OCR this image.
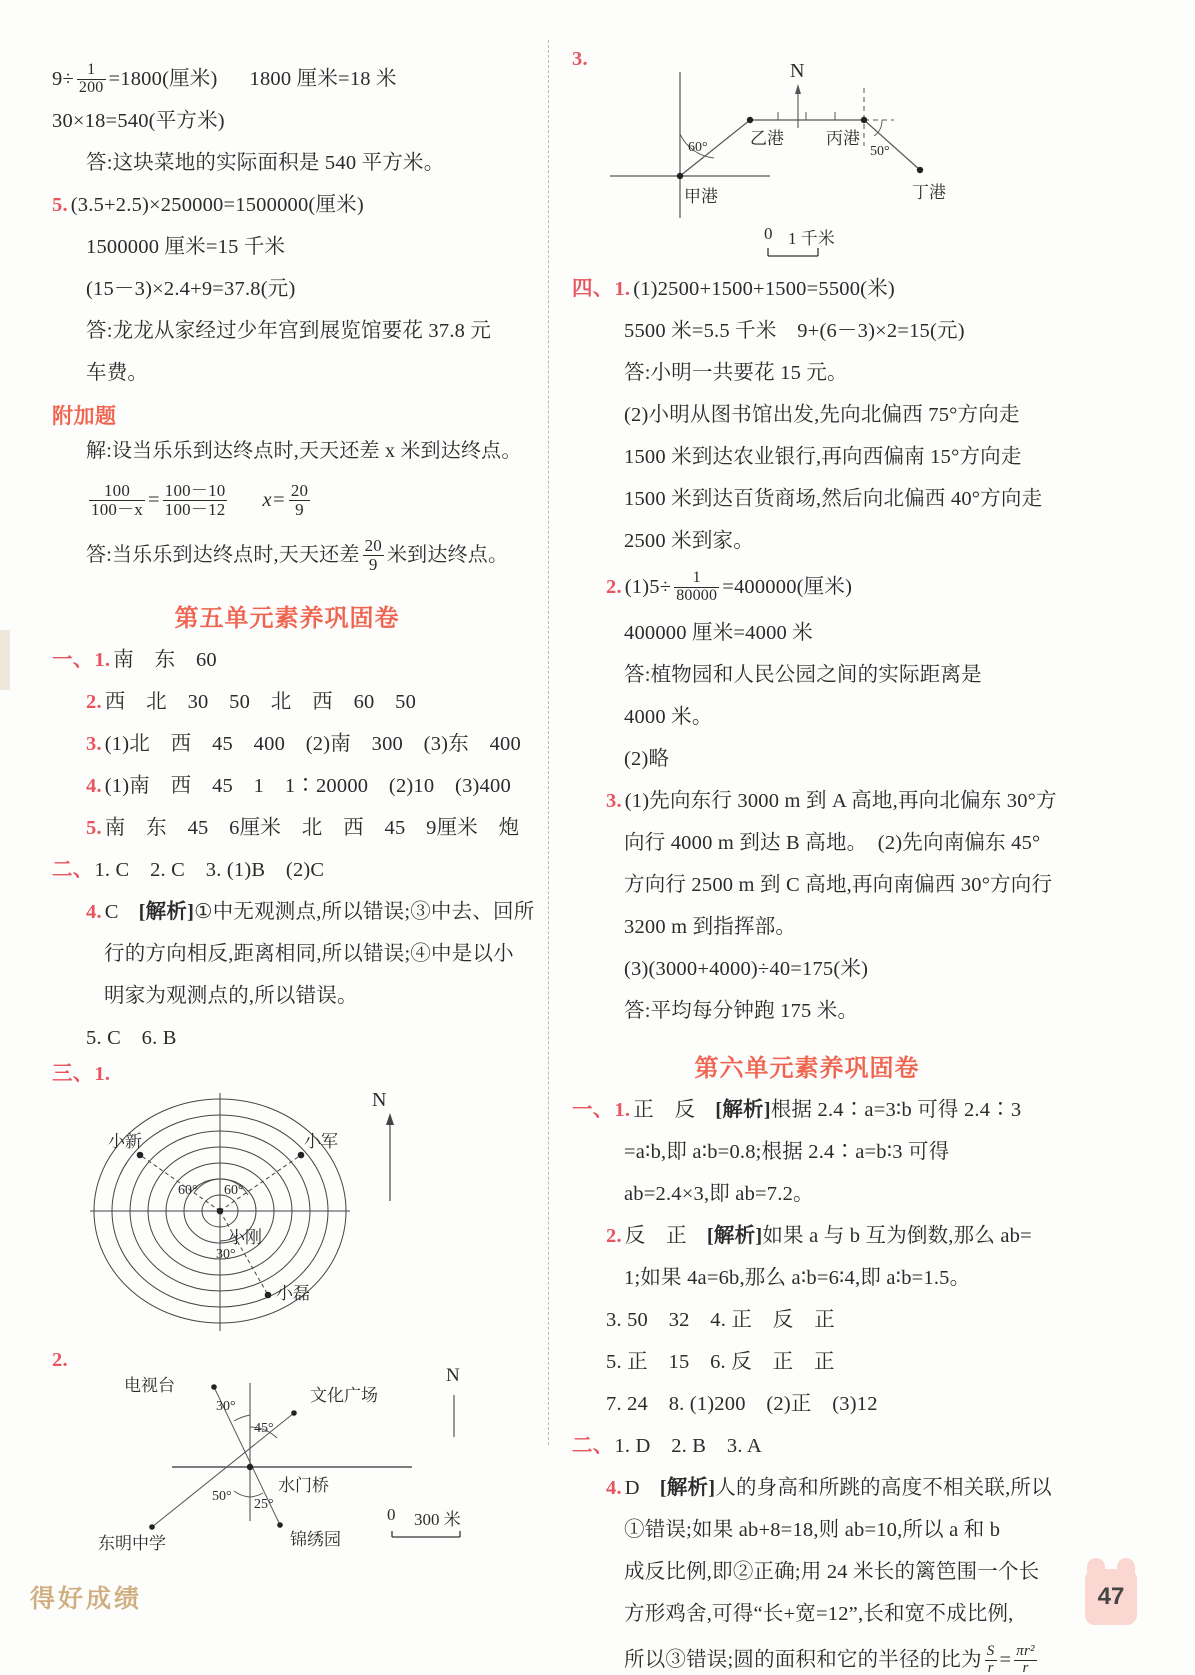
$9\div \frac{1}{200} =1800$(厘米) 1800 厘米=18 米
30×18=540(平方米)
答:这块菜地的实际面积是 540 平方米。
5. (3.5+2.5)×250000=1500000(厘米)
1500000 厘米=15 千米
(15－3)×2.4+9=37.8(元)
答:龙龙从家经过少年宫到展览馆要花 37.8 元
车费。
附加题
解:设当乐乐到达终点时,天天还差 x 米到达终点。
$\frac{100}{100-x} = \frac{100-10}{100-12} x= \frac{20}{9}$
答:当乐乐到达终点时,天天还差 $\frac{20}{9}$ 米到达终点。
第五单元素养巩固卷
一、1. 南　东　60
2. 西　北　30　50　北　西　60　50
3. (1)北　西　45　400　(2)南　300　(3)东　400
4. (1)南　西　45　1　1∶20000　(2)10　(3)400
5. 南　东　45　6厘米　北　西　45　9厘米　炮
二、1. C　2. C　3. (1)B　(2)C
4. C [解析]①中无观测点,所以错误;③中去、回所
行的方向相反,距离相同,所以错误;④中是以小
明家为观测点的,所以错误。
5. C　6. B
三、1.
小新	小军
小刚
小磊
60° 60°
30°
N
2.
电视台
文化广场
东明中学	锦绣园
水门桥
30°
45°
50°
25°
N
0 300 米
3.
N
60°	50°
甲港
乙港 丙港
丁港
0 1 千米
四、1. (1)2500+1500+1500=5500(米)
5500 米=5.5 千米　9+(6－3)×2=15(元)
答:小明一共要花 15 元。
(2)小明从图书馆出发,先向北偏西 75°方向走
1500 米到达农业银行,再向西偏南 15°方向走
1500 米到达百货商场,然后向北偏西 40°方向走
2500 米到家。
2. $(1)5\div \frac{1}{80000} =400000$(厘米)
400000 厘米=4000 米
答:植物园和人民公园之间的实际距离是
4000 米。
(2)略
3. (1)先向东行 3000 m 到 A 高地,再向北偏东 30°方
向行 4000 m 到达 B 高地。　(2)先向南偏东 45°
方向行 2500 m 到 C 高地,再向南偏西 30°方向行
3200 m 到指挥部。
(3)(3000+4000)÷40=175(米)
答:平均每分钟跑 175 米。
第六单元素养巩固卷
一、1. 正　反 [解析]根据 2.4∶a=3∶b 可得 2.4∶3
=a∶b,即 a∶b=0.8;根据 2.4∶a=b∶3 可得
ab=2.4×3,即 ab=7.2。
2. 反　正 [解析]如果 a 与 b 互为倒数,那么 ab=
1;如果 4a=6b,那么 a∶b=6∶4,即 a∶b=1.5。
3. 50　32　4. 正　反　正
5. 正　15　6. 反　正　正
7. 24　8. (1)200　(2)正　(3)12
二、1. D　2. B　3. A
4. D [解析]人的身高和所跳的高度不相关联,所以
①错误;如果 ab+8=18,则 ab=10,所以 a 和 b
成反比例,即②正确;用 24 米长的篱笆围一个长
方形鸡舍,可得“长+宽=12”,长和宽不成比例,
所以③错误;圆的面积和它的半径的比为 $\frac{S}{r} = \frac{\text{πr²}}{r}$
得好成绩	47
